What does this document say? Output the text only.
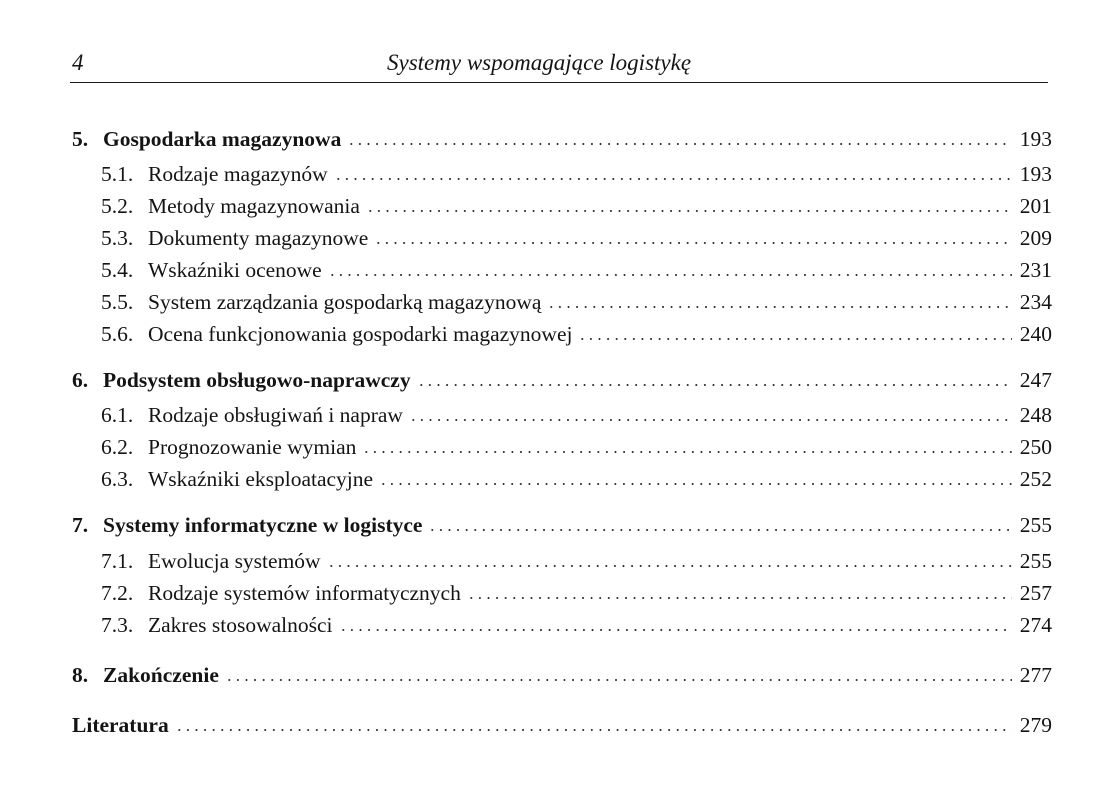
4	Systemy wspomagające logistykę
5. Gospodarka magazynowa	193
5.1. Rodzaje magazynów	193
5.2. Metody magazynowania	201
5.3. Dokumenty magazynowe	209
5.4. Wskaźniki ocenowe	231
5.5. System zarządzania gospodarką magazynową	234
5.6. Ocena funkcjonowania gospodarki magazynowej	240
6. Podsystem obsługowo-naprawczy	247
6.1. Rodzaje obsługiwań i napraw	248
6.2. Prognozowanie wymian	250
6.3. Wskaźniki eksploatacyjne	252
7. Systemy informatyczne w logistyce	255
7.1. Ewolucja systemów	255
7.2. Rodzaje systemów informatycznych	257
7.3. Zakres stosowalności	274
8. Zakończenie	277
Literatura	279
